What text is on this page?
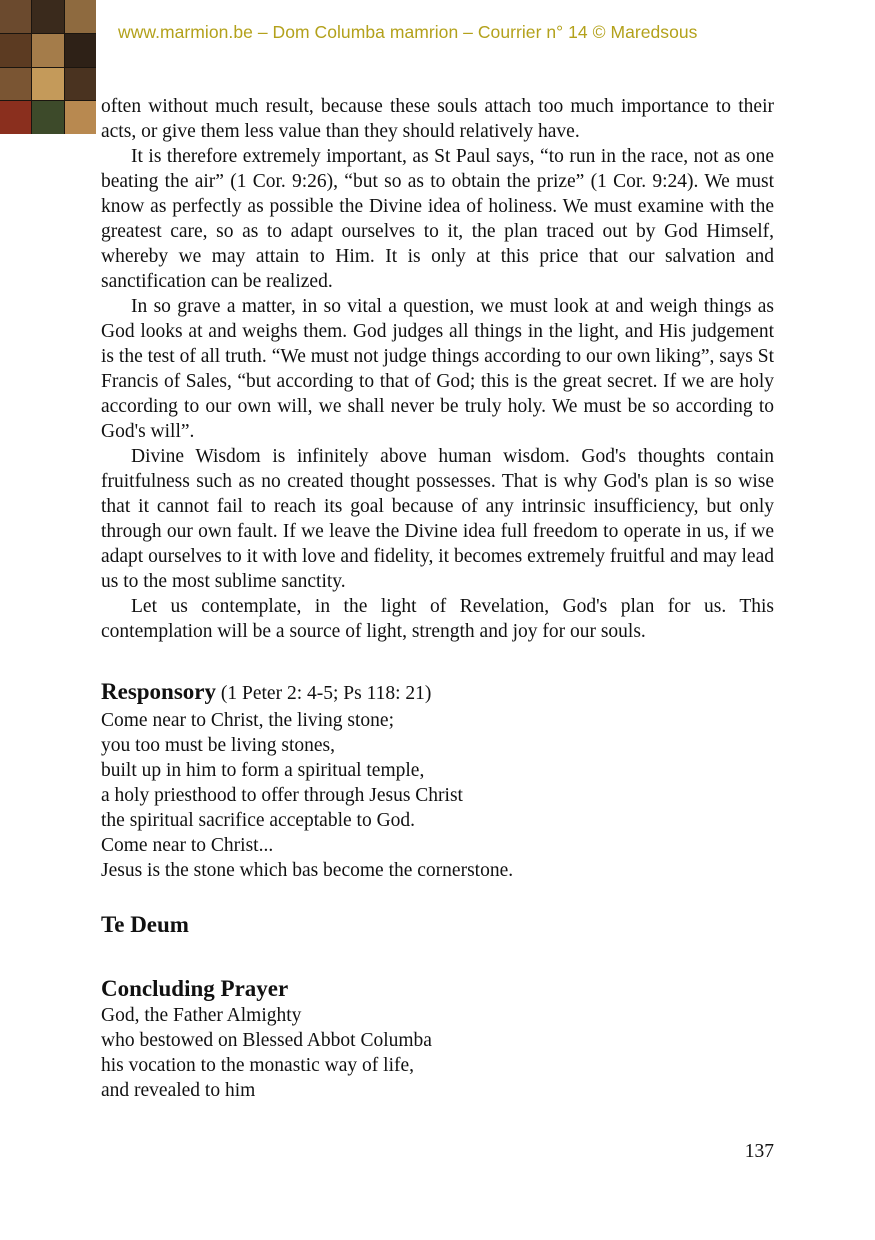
www.marmion.be – Dom Columba mamrion – Courrier n° 14 © Maredsous

often without much result, because these souls attach too much importance to their acts, or give them less value than they should relatively have.

It is therefore extremely important, as St Paul says, “to run in the race, not as one beating the air” (1 Cor. 9:26), “but so as to obtain the prize” (1 Cor. 9:24). We must know as perfectly as possible the Divine idea of holiness. We must examine with the greatest care, so as to adapt ourselves to it, the plan traced out by God Himself, whereby we may attain to Him. It is only at this price that our salvation and sanctification can be realized.

In so grave a matter, in so vital a question, we must look at and weigh things as God looks at and weighs them. God judges all things in the light, and His judgement is the test of all truth. “We must not judge things according to our own liking”, says St Francis of Sales, “but according to that of God; this is the great secret. If we are holy according to our own will, we shall never be truly holy. We must be so according to God's will”.

Divine Wisdom is infinitely above human wisdom. God's thoughts contain fruitfulness such as no created thought possesses. That is why God's plan is so wise that it cannot fail to reach its goal because of any intrinsic insufficiency, but only through our own fault. If we leave the Divine idea full freedom to operate in us, if we adapt ourselves to it with love and fidelity, it becomes extremely fruitful and may lead us to the most sublime sanctity.

Let us contemplate, in the light of Revelation, God's plan for us. This contemplation will be a source of light, strength and joy for our souls.

Responsory (1 Peter 2: 4-5; Ps 118: 21)
Come near to Christ, the living stone;
you too must be living stones,
built up in him to form a spiritual temple,
a holy priesthood to offer through Jesus Christ
the spiritual sacrifice acceptable to God.
Come near to Christ...
Jesus is the stone which bas become the cornerstone.
Te Deum
Concluding Prayer
God, the Father Almighty
who bestowed on Blessed Abbot Columba
his vocation to the monastic way of life,
and revealed to him
137
